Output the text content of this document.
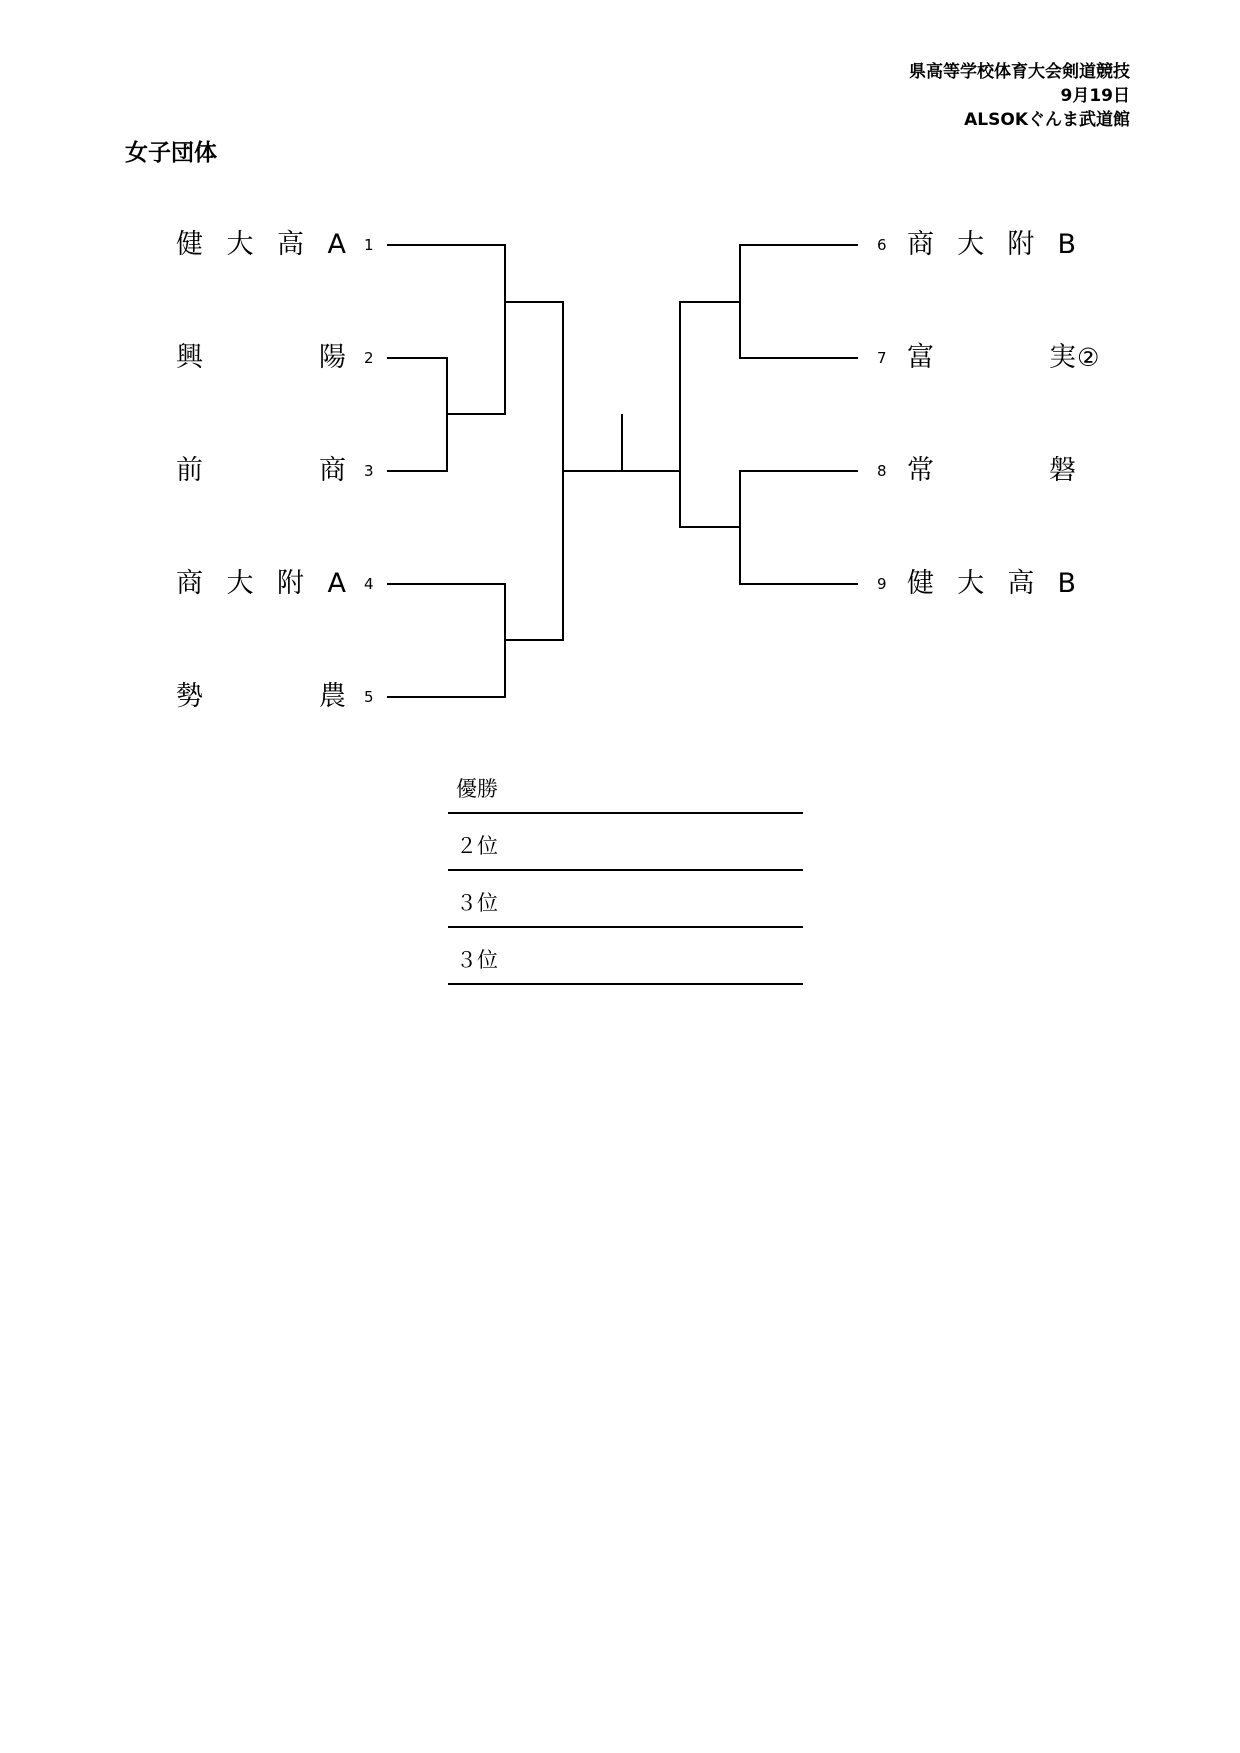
県高等学校体育大会剣道競技
9月19日
ALSOKぐんま武道館
女子団体
健 大 高 A 1
興 陽 2
前 商 3
商 大 附 A 4
勢 農 5
6 商 大 附 B
7 富 実 ②
8 常 磐
9 健 大 高 B
優勝
２位
３位
３位
